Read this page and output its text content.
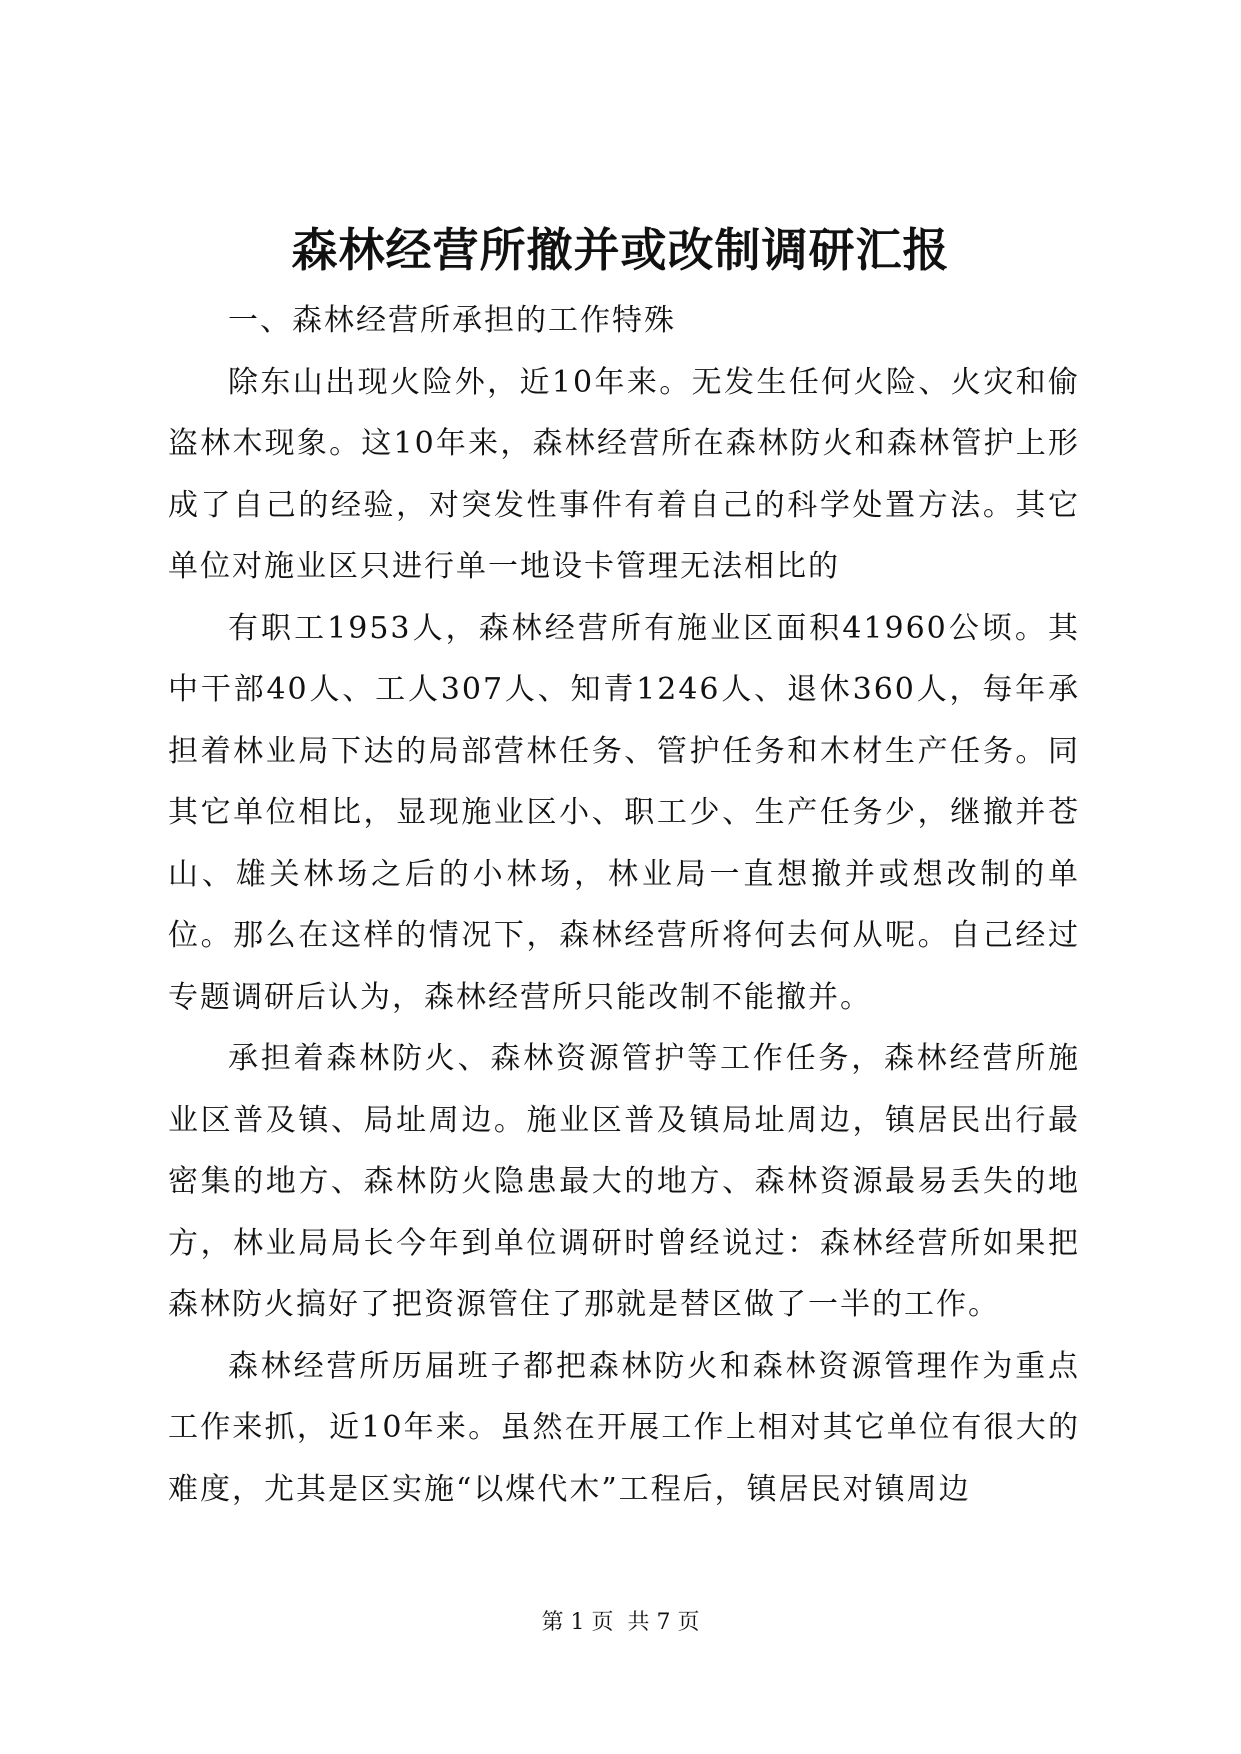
森林经营所撤并或改制调研汇报

一、森林经营所承担的工作特殊

除东山出现火险外，近10年来。无发生任何火险、火灾和偷盗林木现象。这10年来，森林经营所在森林防火和森林管护上形成了自己的经验，对突发性事件有着自己的科学处置方法。其它单位对施业区只进行单一地设卡管理无法相比的

有职工1953人，森林经营所有施业区面积41960公顷。其中干部40人、工人307人、知青1246人、退休360人，每年承担着林业局下达的局部营林任务、管护任务和木材生产任务。同其它单位相比，显现施业区小、职工少、生产任务少，继撤并苍山、雄关林场之后的小林场，林业局一直想撤并或想改制的单位。那么在这样的情况下，森林经营所将何去何从呢。自己经过专题调研后认为，森林经营所只能改制不能撤并。

承担着森林防火、森林资源管护等工作任务，森林经营所施业区普及镇、局址周边。施业区普及镇局址周边，镇居民出行最密集的地方、森林防火隐患最大的地方、森林资源最易丢失的地方，林业局局长今年到单位调研时曾经说过：森林经营所如果把森林防火搞好了把资源管住了那就是替区做了一半的工作。

森林经营所历届班子都把森林防火和森林资源管理作为重点工作来抓，近10年来。虽然在开展工作上相对其它单位有很大的难度，尤其是区实施“以煤代木”工程后，镇居民对镇周边

第 1 页  共 7 页
